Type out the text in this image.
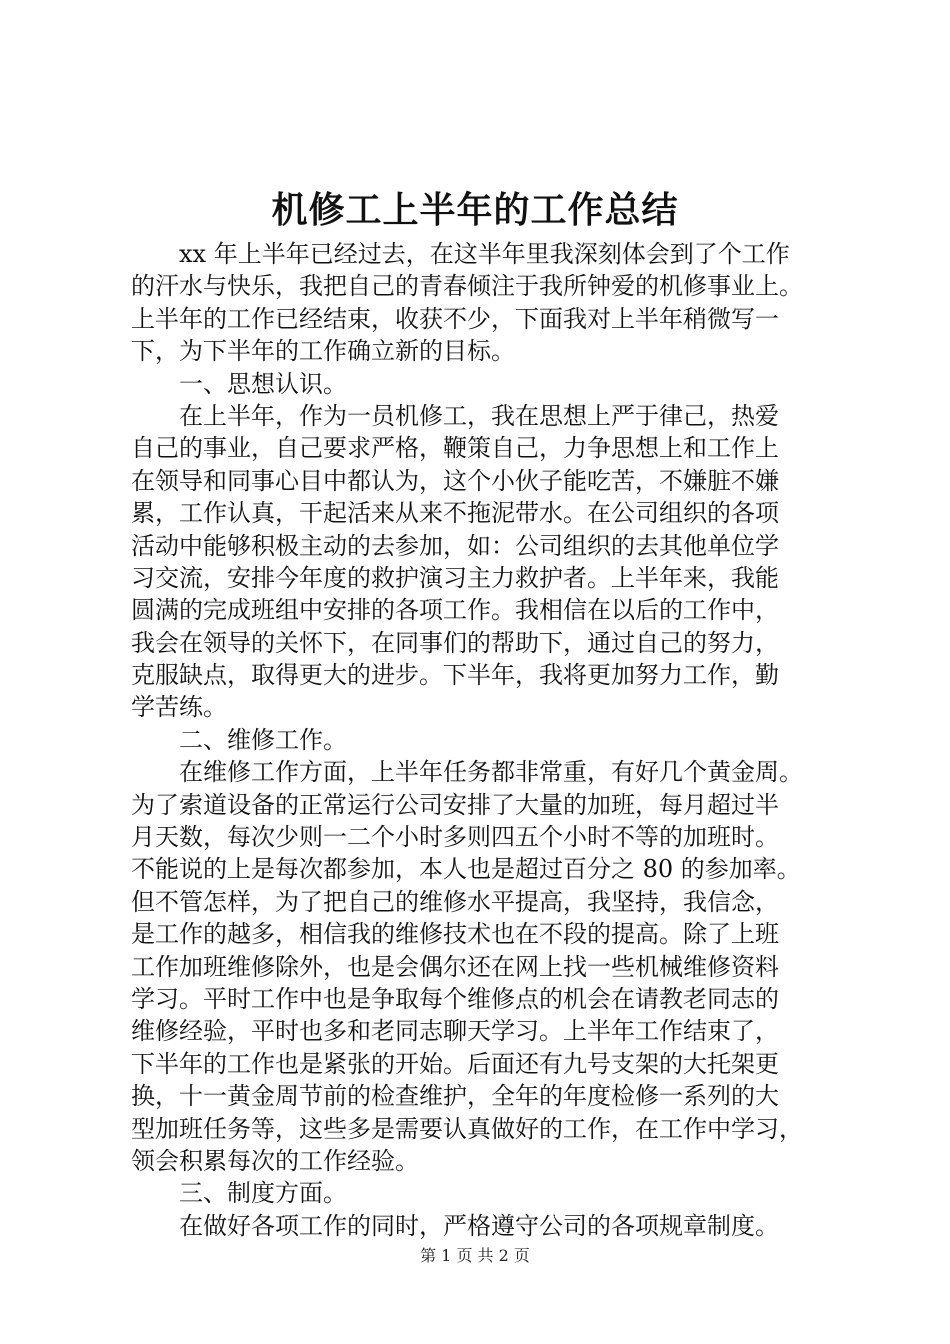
机修工上半年的工作总结
　　xx 年上半年已经过去，在这半年里我深刻体会到了个工作
的汗水与快乐，我把自己的青春倾注于我所钟爱的机修事业上。
上半年的工作已经结束，收获不少，下面我对上半年稍微写一
下，为下半年的工作确立新的目标。
　　一、思想认识。
　　在上半年，作为一员机修工，我在思想上严于律己，热爱
自己的事业，自己要求严格，鞭策自己，力争思想上和工作上
在领导和同事心目中都认为，这个小伙子能吃苦，不嫌脏不嫌
累，工作认真，干起活来从来不拖泥带水。在公司组织的各项
活动中能够积极主动的去参加，如：公司组织的去其他单位学
习交流，安排今年度的救护演习主力救护者。上半年来，我能
圆满的完成班组中安排的各项工作。我相信在以后的工作中，
我会在领导的关怀下，在同事们的帮助下，通过自己的努力，
克服缺点，取得更大的进步。下半年，我将更加努力工作，勤
学苦练。
　　二、维修工作。
　　在维修工作方面，上半年任务都非常重，有好几个黄金周。
为了索道设备的正常运行公司安排了大量的加班，每月超过半
月天数，每次少则一二个小时多则四五个小时不等的加班时。
不能说的上是每次都参加，本人也是超过百分之 80 的参加率。
但不管怎样，为了把自己的维修水平提高，我坚持，我信念，
是工作的越多，相信我的维修技术也在不段的提高。除了上班
工作加班维修除外，也是会偶尔还在网上找一些机械维修资料
学习。平时工作中也是争取每个维修点的机会在请教老同志的
维修经验，平时也多和老同志聊天学习。上半年工作结束了，
下半年的工作也是紧张的开始。后面还有九号支架的大托架更
换，十一黄金周节前的检查维护，全年的年度检修一系列的大
型加班任务等，这些多是需要认真做好的工作，在工作中学习，
领会积累每次的工作经验。
　　三、制度方面。
　　在做好各项工作的同时，严格遵守公司的各项规章制度。
第 1 页 共 2 页
